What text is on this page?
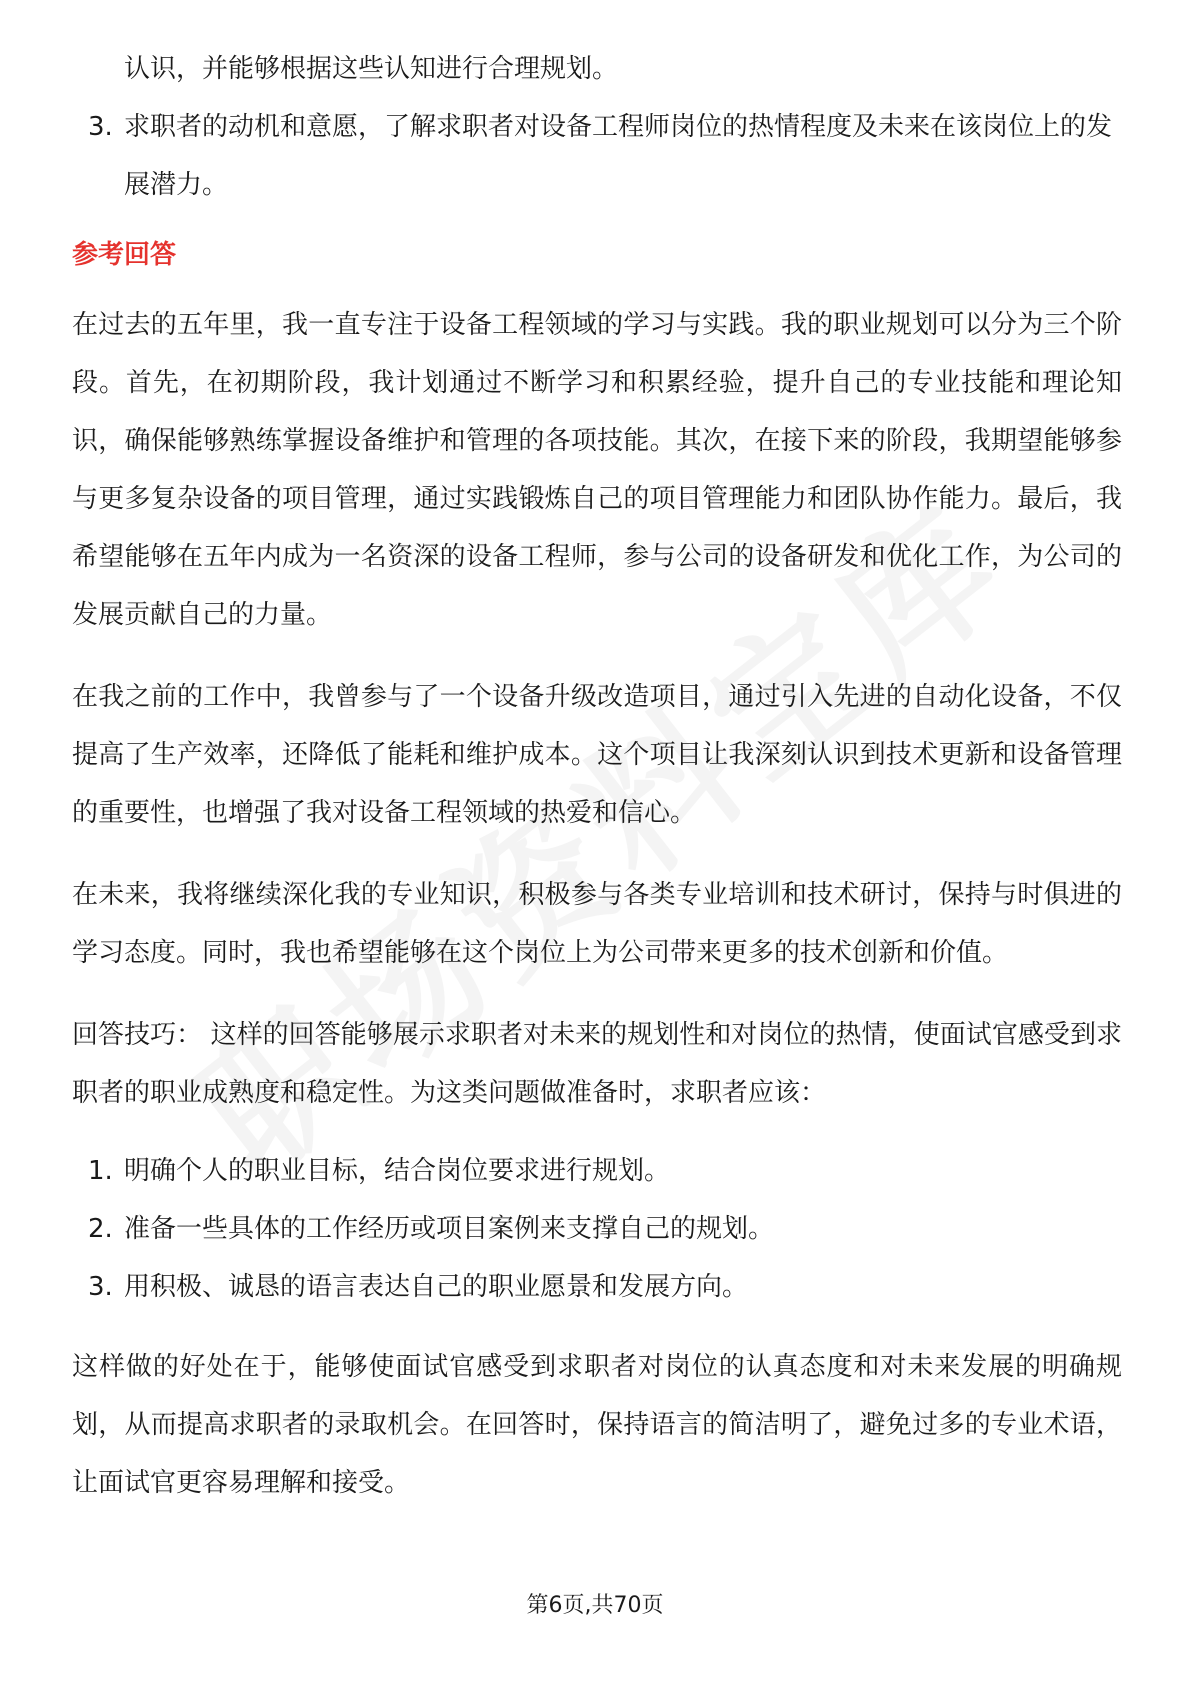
认识，并能够根据这些认知进行合理规划。
3. 求职者的动机和意愿，了解求职者对设备工程师岗位的热情程度及未来在该岗位上的发展潜力。
参考回答

在过去的五年里，我一直专注于设备工程领域的学习与实践。我的职业规划可以分为三个阶段。首先，在初期阶段，我计划通过不断学习和积累经验，提升自己的专业技能和理论知识，确保能够熟练掌握设备维护和管理的各项技能。其次，在接下来的阶段，我期望能够参与更多复杂设备的项目管理，通过实践锻炼自己的项目管理能力和团队协作能力。最后，我希望能够在五年内成为一名资深的设备工程师，参与公司的设备研发和优化工作，为公司的发展贡献自己的力量。

在我之前的工作中，我曾参与了一个设备升级改造项目，通过引入先进的自动化设备，不仅提高了生产效率，还降低了能耗和维护成本。这个项目让我深刻认识到技术更新和设备管理的重要性，也增强了我对设备工程领域的热爱和信心。

在未来，我将继续深化我的专业知识，积极参与各类专业培训和技术研讨，保持与时俱进的学习态度。同时，我也希望能够在这个岗位上为公司带来更多的技术创新和价值。

回答技巧： 这样的回答能够展示求职者对未来的规划性和对岗位的热情，使面试官感受到求职者的职业成熟度和稳定性。为这类问题做准备时，求职者应该：

1. 明确个人的职业目标，结合岗位要求进行规划。
2. 准备一些具体的工作经历或项目案例来支撑自己的规划。
3. 用积极、诚恳的语言表达自己的职业愿景和发展方向。

这样做的好处在于，能够使面试官感受到求职者对岗位的认真态度和对未来发展的明确规划，从而提高求职者的录取机会。在回答时，保持语言的简洁明了，避免过多的专业术语，让面试官更容易理解和接受。

第6页,共70页
